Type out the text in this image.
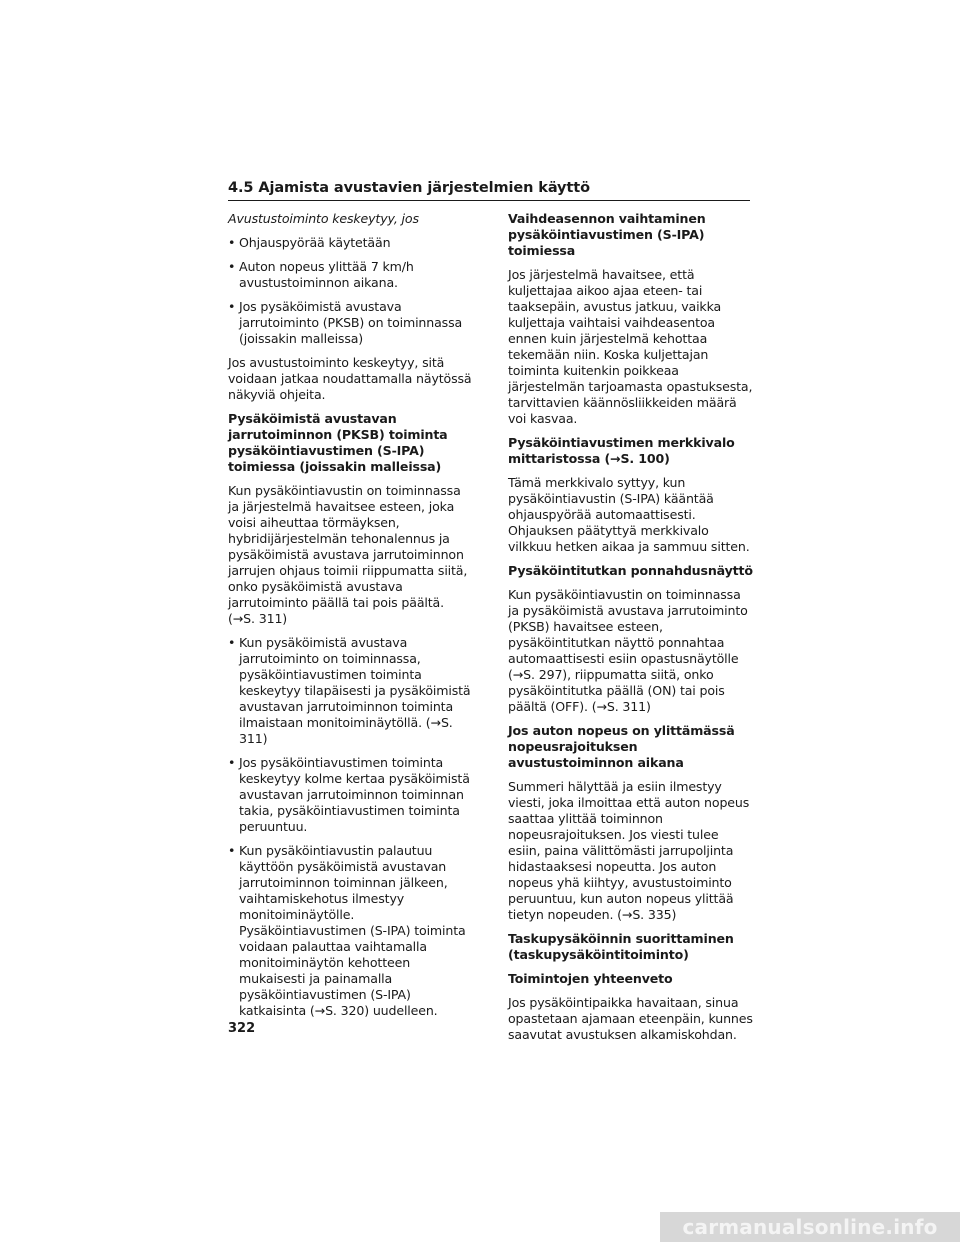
4.5 Ajamista avustavien järjestelmien käyttö

Avustustoiminto keskeytyy, jos

• Ohjauspyörää käytetään
• Auton nopeus ylittää 7 km/h avustustoiminnon aikana.
• Jos pysäköimistä avustava jarrutoiminto (PKSB) on toiminnassa (joissakin malleissa)

Jos avustustoiminto keskeytyy, sitä voidaan jatkaa noudattamalla näytössä näkyviä ohjeita.

Pysäköimistä avustavan jarrutoiminnon (PKSB) toiminta pysäköintiavustimen (S-IPA) toimiessa (joissakin malleissa)

Kun pysäköintiavustin on toiminnassa ja järjestelmä havaitsee esteen, joka voisi aiheuttaa törmäyksen, hybridijärjestelmän tehonalennus ja pysäköimistä avustava jarrutoiminnon jarrujen ohjaus toimii riippumatta siitä, onko pysäköimistä avustava jarrutoiminto päällä tai pois päältä. (→S. 311)

• Kun pysäköimistä avustava jarrutoiminto on toiminnassa, pysäköintiavustimen toiminta keskeytyy tilapäisesti ja pysäköimistä avustavan jarrutoiminnon toiminta ilmaistaan monitoiminäytöllä. (→S. 311)
• Jos pysäköintiavustimen toiminta keskeytyy kolme kertaa pysäköimistä avustavan jarrutoiminnon toiminnan takia, pysäköintiavustimen toiminta peruuntuu.
• Kun pysäköintiavustin palautuu käyttöön pysäköimistä avustavan jarrutoiminnon toiminnan jälkeen, vaihtamiskehotus ilmestyy monitoiminäytölle. Pysäköintiavustimen (S-IPA) toiminta voidaan palauttaa vaihtamalla monitoiminäytön kehotteen mukaisesti ja painamalla pysäköintiavustimen (S-IPA) katkaisinta (→S. 320) uudelleen.

Vaihdeasennon vaihtaminen pysäköintiavustimen (S-IPA) toimiessa

Jos järjestelmä havaitsee, että kuljettajaa aikoo ajaa eteen- tai taaksepäin, avustus jatkuu, vaikka kuljettaja vaihtaisi vaihdeasentoa ennen kuin järjestelmä kehottaa tekemään niin. Koska kuljettajan toiminta kuitenkin poikkeaa järjestelmän tarjoamasta opastuksesta, tarvittavien käännösliikkeiden määrä voi kasvaa.

Pysäköintiavustimen merkkivalo mittaristossa (→S. 100)

Tämä merkkivalo syttyy, kun pysäköintiavustin (S-IPA) kääntää ohjauspyörää automaattisesti. Ohjauksen päätyttyä merkkivalo vilkkuu hetken aikaa ja sammuu sitten.

Pysäköintitutkan ponnahdusnäyttö

Kun pysäköintiavustin on toiminnassa ja pysäköimistä avustava jarrutoiminto (PKSB) havaitsee esteen, pysäköintitutkan näyttö ponnahtaa automaattisesti esiin opastusnäytölle (→S. 297), riippumatta siitä, onko pysäköintitutka päällä (ON) tai pois päältä (OFF). (→S. 311)

Jos auton nopeus on ylittämässä nopeusrajoituksen avustustoiminnon aikana

Summeri hälyttää ja esiin ilmestyy viesti, joka ilmoittaa että auton nopeus saattaa ylittää toiminnon nopeusrajoituksen. Jos viesti tulee esiin, paina välittömästi jarrupoljinta hidastaaksesi nopeutta. Jos auton nopeus yhä kiihtyy, avustustoiminto peruuntuu, kun auton nopeus ylittää tietyn nopeuden. (→S. 335)

Taskupysäköinnin suorittaminen (taskupysäköintitoiminto)

Toimintojen yhteenveto

Jos pysäköintipaikka havaitaan, sinua opastetaan ajamaan eteenpäin, kunnes saavutat avustuksen alkamiskohdan.

322
carmanualsonline.info
